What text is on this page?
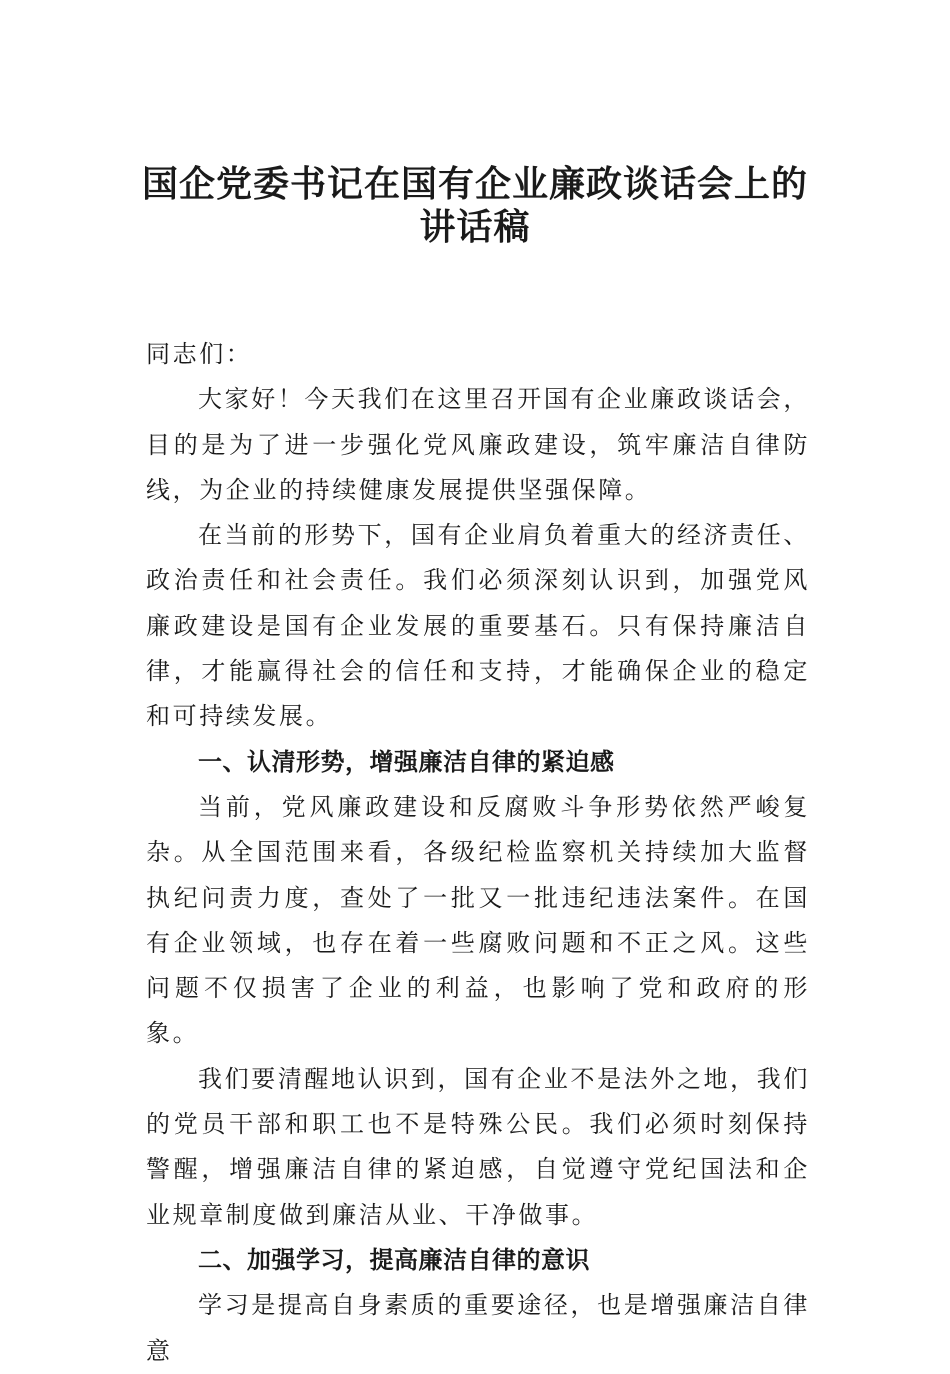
国企党委书记在国有企业廉政谈话会上的
讲话稿

同志们：

大家好！今天我们在这里召开国有企业廉政谈话会，目的是为了进一步强化党风廉政建设，筑牢廉洁自律防线，为企业的持续健康发展提供坚强保障。

在当前的形势下，国有企业肩负着重大的经济责任、政治责任和社会责任。我们必须深刻认识到，加强党风廉政建设是国有企业发展的重要基石。只有保持廉洁自律，才能赢得社会的信任和支持，才能确保企业的稳定和可持续发展。

一、认清形势，增强廉洁自律的紧迫感

当前，党风廉政建设和反腐败斗争形势依然严峻复杂。从全国范围来看，各级纪检监察机关持续加大监督执纪问责力度，查处了一批又一批违纪违法案件。在国有企业领域，也存在着一些腐败问题和不正之风。这些问题不仅损害了企业的利益，也影响了党和政府的形象。

我们要清醒地认识到，国有企业不是法外之地，我们的党员干部和职工也不是特殊公民。我们必须时刻保持警醒，增强廉洁自律的紧迫感，自觉遵守党纪国法和企业规章制度做到廉洁从业、干净做事。

二、加强学习，提高廉洁自律的意识

学习是提高自身素质的重要途径，也是增强廉洁自律意
